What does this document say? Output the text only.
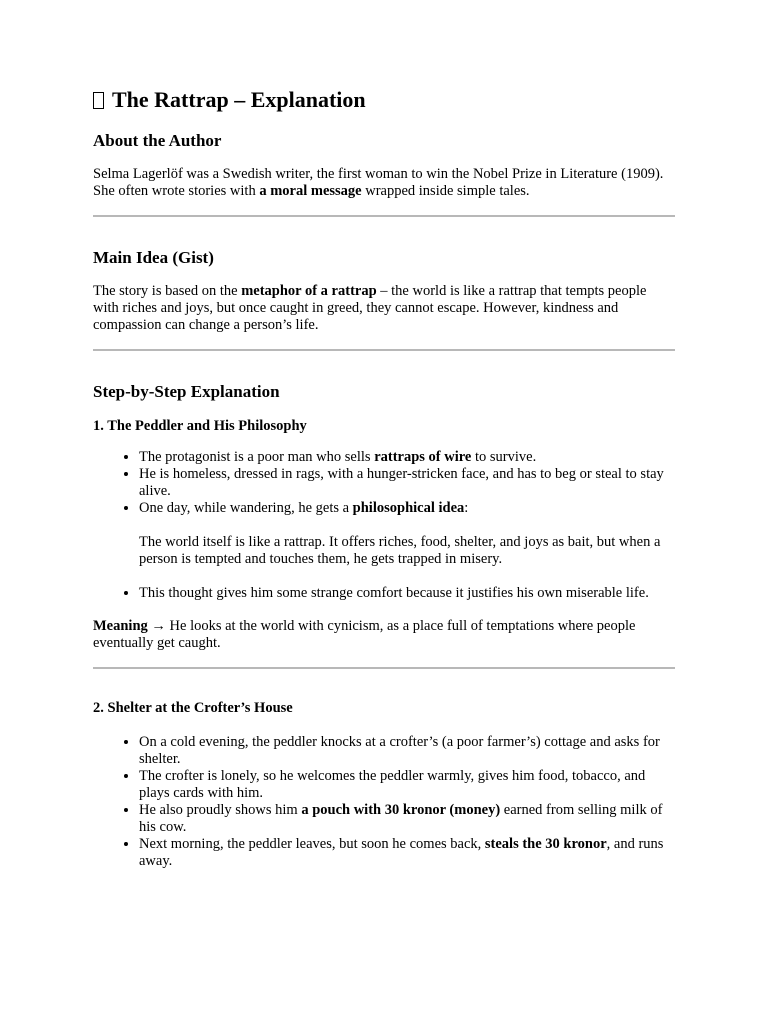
The Rattrap – Explanation
About the Author

Selma Lagerlöf was a Swedish writer, the first woman to win the Nobel Prize in Literature (1909). She often wrote stories with a moral message wrapped inside simple tales.

Main Idea (Gist)

The story is based on the metaphor of a rattrap – the world is like a rattrap that tempts people with riches and joys, but once caught in greed, they cannot escape. However, kindness and compassion can change a person’s life.

Step-by-Step Explanation
1. The Peddler and His Philosophy
• The protagonist is a poor man who sells rattraps of wire to survive.
• He is homeless, dressed in rags, with a hunger-stricken face, and has to beg or steal to stay alive.
• One day, while wandering, he gets a philosophical idea:

The world itself is like a rattrap. It offers riches, food, shelter, and joys as bait, but when a person is tempted and touches them, he gets trapped in misery.

• This thought gives him some strange comfort because it justifies his own miserable life.

Meaning → He looks at the world with cynicism, as a place full of temptations where people eventually get caught.

2. Shelter at the Crofter’s House
• On a cold evening, the peddler knocks at a crofter’s (a poor farmer’s) cottage and asks for shelter.
• The crofter is lonely, so he welcomes the peddler warmly, gives him food, tobacco, and plays cards with him.
• He also proudly shows him a pouch with 30 kronor (money) earned from selling milk of his cow.
• Next morning, the peddler leaves, but soon he comes back, steals the 30 kronor, and runs away.
